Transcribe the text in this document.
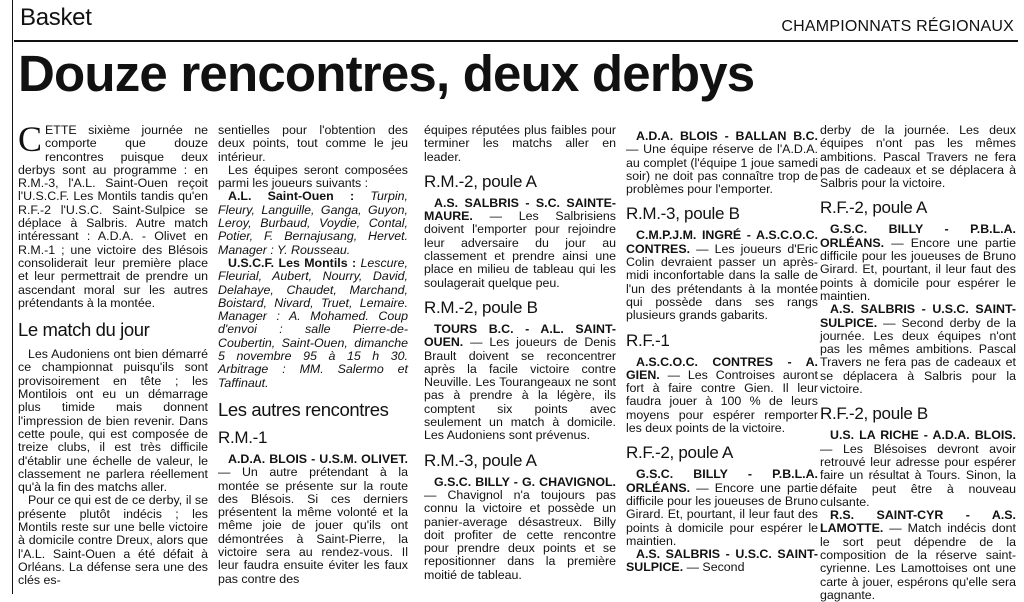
Basket	CHAMPIONNATS RÉGIONAUX
Douze rencontres, deux derbys

CETTE sixième journée ne comporte que douze rencontres puisque deux derbys sont au programme : en R.M.-3, l'A.L. Saint-Ouen reçoit l'U.S.C.F. Les Montils tandis qu'en R.F.-2 l'U.S.C. Saint-Sulpice se déplace à Salbris. Autre match intéressant : A.D.A. - Olivet en R.M.-1 ; une victoire des Blésois consoliderait leur première place et leur permettrait de prendre un ascendant moral sur les autres prétendants à la montée.

Le match du jour

Les Audoniens ont bien démarré ce championnat puisqu'ils sont provisoirement en tête ; les Montilois ont eu un démarrage plus timide mais donnent l'impression de bien revenir. Dans cette poule, qui est composée de treize clubs, il est très difficile d'établir une échelle de valeur, le classement ne parlera réellement qu'à la fin des matchs aller.

Pour ce qui est de ce derby, il se présente plutôt indécis ; les Montils reste sur une belle victoire à domicile contre Dreux, alors que l'A.L. Saint-Ouen a été défait à Orléans. La défense sera une des clés es-

sentielles pour l'obtention des deux points, tout comme le jeu intérieur.

Les équipes seront composées parmi les joueurs suivants :

A.L. Saint-Ouen : Turpin, Fleury, Languille, Ganga, Guyon, Leroy, Burbaud, Voydie, Contal, Potier, F. Bernajusang, Hervet. Manager : Y. Rousseau.

U.S.C.F. Les Montils : Lescure, Fleurial, Aubert, Nourry, David, Delahaye, Chaudet, Marchand, Boistard, Nivard, Truet, Lemaire. Manager : A. Mohamed. Coup d'envoi : salle Pierre-de-Coubertin, Saint-Ouen, dimanche 5 novembre 95 à 15 h 30. Arbitrage : MM. Salermo et Taffinaut.

Les autres rencontres
R.M.-1

A.D.A. BLOIS - U.S.M. OLIVET. — Un autre prétendant à la montée se présente sur la route des Blésois. Si ces derniers présentent la même volonté et la même joie de jouer qu'ils ont démontrées à Saint-Pierre, la victoire sera au rendez-vous. Il leur faudra ensuite éviter les faux pas contre des

équipes réputées plus faibles pour terminer les matchs aller en leader.

R.M.-2, poule A

A.S. SALBRIS - S.C. SAINTE-MAURE. — Les Salbrisiens doivent l'emporter pour rejoindre leur adversaire du jour au classement et prendre ainsi une place en milieu de tableau qui les soulagerait quelque peu.

R.M.-2, poule B

TOURS B.C. - A.L. SAINT-OUEN. — Les joueurs de Denis Brault doivent se reconcentrer après la facile victoire contre Neuville. Les Tourangeaux ne sont pas à prendre à la légère, ils comptent six points avec seulement un match à domicile. Les Audoniens sont prévenus.

R.M.-3, poule A

G.S.C. BILLY - G. CHAVIGNOL. — Chavignol n'a toujours pas connu la victoire et possède un panier-average désastreux. Billy doit profiter de cette rencontre pour prendre deux points et se repositionner dans la première moitié de tableau.

A.D.A. BLOIS - BALLAN B.C. — Une équipe réserve de l'A.D.A. au complet (l'équipe 1 joue samedi soir) ne doit pas connaître trop de problèmes pour l'emporter.

R.M.-3, poule B

C.M.P.J.M. INGRÉ - A.S.C.O.C. CONTRES. — Les joueurs d'Eric Colin devraient passer un après-midi inconfortable dans la salle de l'un des prétendants à la montée qui possède dans ses rangs plusieurs grands gabarits.

R.F.-1

A.S.C.O.C. CONTRES - A. GIEN. — Les Controises auront fort à faire contre Gien. Il leur faudra jouer à 100 % de leurs moyens pour espérer remporter les deux points de la victoire.

R.F.-2, poule A

G.S.C. BILLY - P.B.L.A. ORLÉANS. — Encore une partie difficile pour les joueuses de Bruno Girard. Et, pourtant, il leur faut des points à domicile pour espérer le maintien.

A.S. SALBRIS - U.S.C. SAINT-SULPICE. — Second

derby de la journée. Les deux équipes n'ont pas les mêmes ambitions. Pascal Travers ne fera pas de cadeaux et se déplacera à Salbris pour la victoire.

R.F.-2, poule A

G.S.C. BILLY - P.B.L.A. ORLÉANS. — Encore une partie difficile pour les joueuses de Bruno Girard. Et, pourtant, il leur faut des points à domicile pour espérer le maintien.

A.S. SALBRIS - U.S.C. SAINT-SULPICE. — Second derby de la journée. Les deux équipes n'ont pas les mêmes ambitions. Pascal Travers ne fera pas de cadeaux et se déplacera à Salbris pour la victoire.

R.F.-2, poule B

U.S. LA RICHE - A.D.A. BLOIS. — Les Blésoises devront avoir retrouvé leur adresse pour espérer faire un résultat à Tours. Sinon, la défaite peut être à nouveau culsante.

R.S. SAINT-CYR - A.S. LAMOTTE. — Match indécis dont le sort peut dépendre de la composition de la réserve saint-cyrienne. Les Lamottoises ont une carte à jouer, espérons qu'elle sera gagnante.
